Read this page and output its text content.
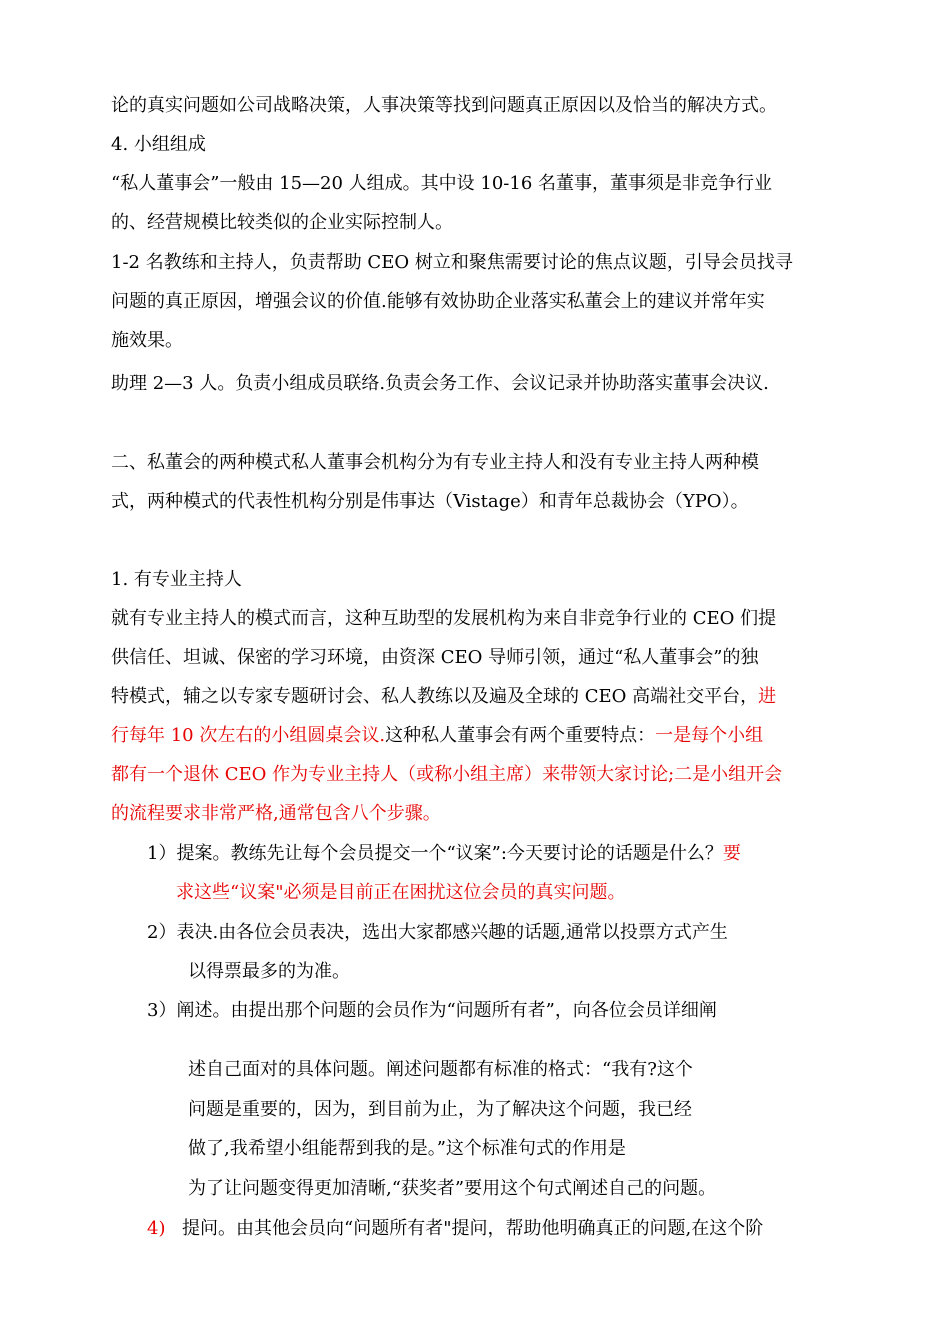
论的真实问题如公司战略决策，人事决策等找到问题真正原因以及恰当的解决方式。
4. 小组组成
“私人董事会”一般由 15—20 人组成。其中设 10-16 名董事，董事须是非竞争行业
的、经营规模比较类似的企业实际控制人。
1-2 名教练和主持人，负责帮助 CEO 树立和聚焦需要讨论的焦点议题，引导会员找寻
问题的真正原因，增强会议的价值.能够有效协助企业落实私董会上的建议并常年实
施效果。
助理 2—3 人。负责小组成员联络.负责会务工作、会议记录并协助落实董事会决议.
二、私董会的两种模式私人董事会机构分为有专业主持人和没有专业主持人两种模
式，两种模式的代表性机构分别是伟事达（Vistage）和青年总裁协会（YPO）。
1. 有专业主持人
就有专业主持人的模式而言，这种互助型的发展机构为来自非竞争行业的 CEO 们提
供信任、坦诚、保密的学习环境，由资深 CEO 导师引领，通过“私人董事会”的独
特模式，辅之以专家专题研讨会、私人教练以及遍及全球的 CEO 高端社交平台，进
行每年 10 次左右的小组圆桌会议.这种私人董事会有两个重要特点：一是每个小组
都有一个退休 CEO 作为专业主持人（或称小组主席）来带领大家讨论;二是小组开会
的流程要求非常严格,通常包含八个步骤。
1）提案。教练先让每个会员提交一个“议案”:今天要讨论的话题是什么？要
求这些“议案"必须是目前正在困扰这位会员的真实问题。
2）表决.由各位会员表决，选出大家都感兴趣的话题,通常以投票方式产生
以得票最多的为准。
3）阐述。由提出那个问题的会员作为“问题所有者”，向各位会员详细阐
述自己面对的具体问题。阐述问题都有标准的格式：“我有?这个
问题是重要的，因为，到目前为止，为了解决这个问题，我已经
做了,我希望小组能帮到我的是。”这个标准句式的作用是
为了让问题变得更加清晰,“获奖者”要用这个句式阐述自己的问题。
4) 提问。由其他会员向“问题所有者"提问，帮助他明确真正的问题,在这个阶
